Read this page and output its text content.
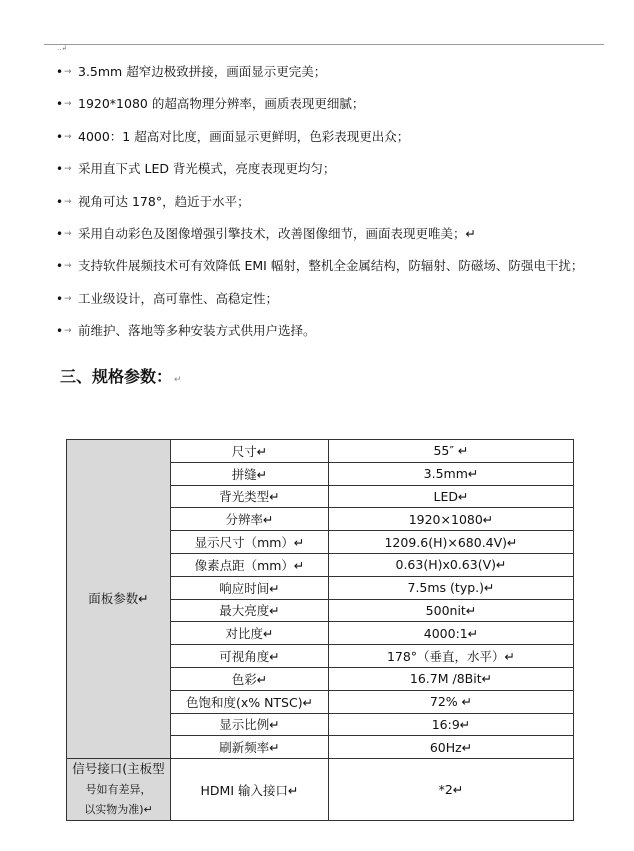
..↲
• → 3.5mm 超窄边极致拼接，画面显示更完美；
• → 1920*1080 的超高物理分辨率，画质表现更细腻；
• → 4000：1 超高对比度，画面显示更鲜明，色彩表现更出众；
• → 采用直下式 LED 背光模式，亮度表现更均匀；
• → 视角可达 178°，趋近于水平；
• → 采用自动彩色及图像增强引擎技术，改善图像细节，画面表现更唯美；↵
• → 支持软件展频技术可有效降低 EMI 幅射，整机全金属结构，防辐射、防磁场、防强电干扰；
• → 工业级设计，高可靠性、高稳定性；
• → 前维护、落地等多种安装方式供用户选择。
三、规格参数： ↵
面板参数↵	尺寸↵	55″ ↵
	拼缝↵	3.5mm↵
	背光类型↵	LED↵
	分辨率↵	1920×1080↵
	显示尺寸（mm）↵	1209.6(H)×680.4V)↵
	像素点距（mm）↵	0.63(H)x0.63(V)↵
	响应时间↵	7.5ms (typ.)↵
	最大亮度↵	500nit↵
	对比度↵	4000:1↵
	可视角度↵	178°（垂直，水平）↵
	色彩↵	16.7M /8Bit↵
	色饱和度(x% NTSC)↵	72% ↵
	显示比例↵	16:9↵
	刷新频率↵	60Hz↵
信号接口(主板型
号如有差异，
以实物为准)↵	HDMI 输入接口↵	*2↵
